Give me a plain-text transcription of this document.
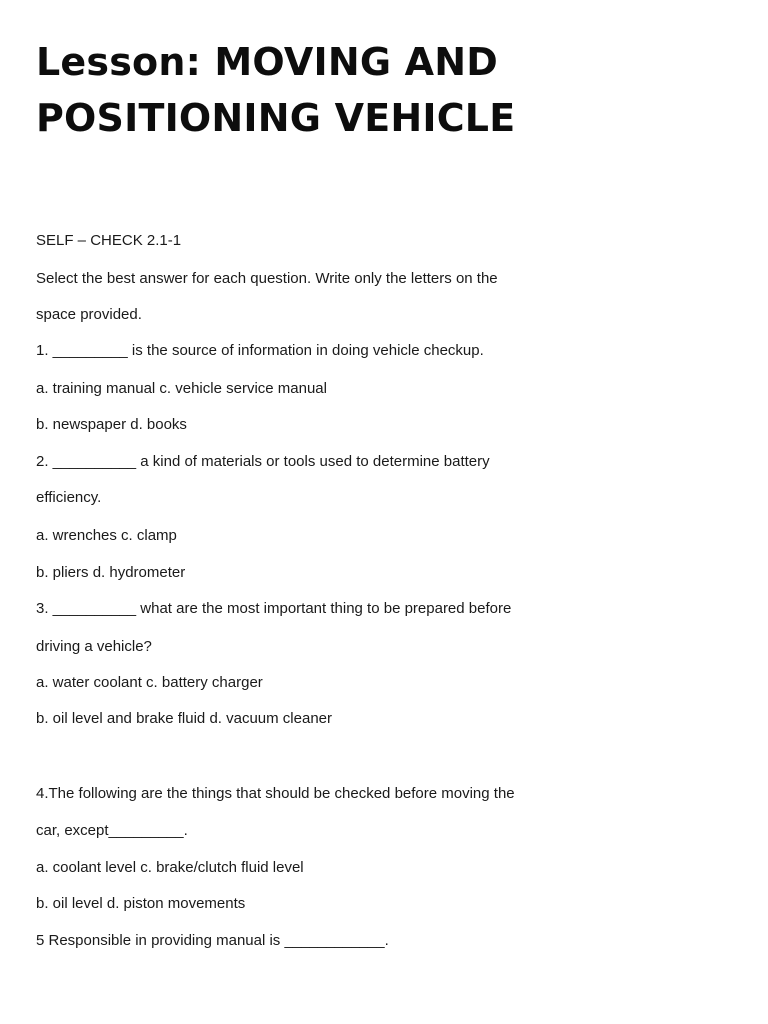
Lesson: MOVING AND
POSITIONING VEHICLE
SELF – CHECK 2.1-1
Select the best answer for each question. Write only the letters on the
space provided.
1. _________ is the source of information in doing vehicle checkup.
a. training manual c. vehicle service manual
b. newspaper d. books
2. __________ a kind of materials or tools used to determine battery
efficiency.
a. wrenches c. clamp
b. pliers d. hydrometer
3. __________ what are the most important thing to be prepared before
driving a vehicle?
a. water coolant c. battery charger
b. oil level and brake fluid d. vacuum cleaner
4.The following are the things that should be checked before moving the
car, except_________.
a. coolant level c. brake/clutch fluid level
b. oil level d. piston movements
5 Responsible in providing manual is ____________.
